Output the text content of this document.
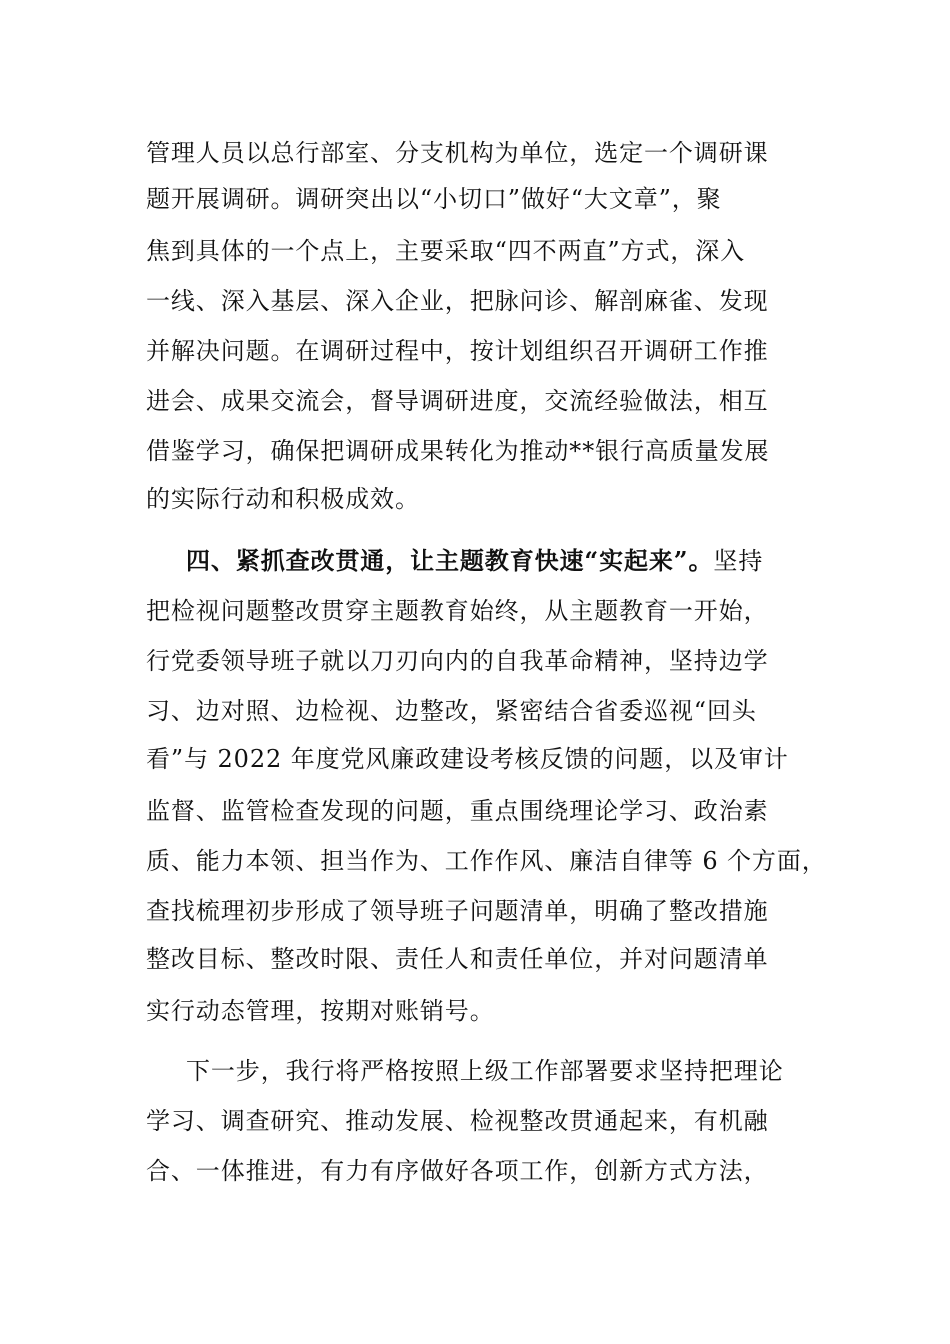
管理人员以总行部室、分支机构为单位，选定一个调研课
题开展调研。调研突出以“小切口”做好“大文章”，聚
焦到具体的一个点上，主要采取“四不两直”方式，深入
一线、深入基层、深入企业，把脉问诊、解剖麻雀、发现
并解决问题。在调研过程中，按计划组织召开调研工作推
进会、成果交流会，督导调研进度，交流经验做法，相互
借鉴学习，确保把调研成果转化为推动**银行高质量发展
的实际行动和积极成效。
四、紧抓查改贯通，让主题教育快速“实起来”。坚持
把检视问题整改贯穿主题教育始终，从主题教育一开始，
行党委领导班子就以刀刃向内的自我革命精神，坚持边学
习、边对照、边检视、边整改，紧密结合省委巡视“回头
看”与 2022 年度党风廉政建设考核反馈的问题，以及审计
监督、监管检查发现的问题，重点围绕理论学习、政治素
质、能力本领、担当作为、工作作风、廉洁自律等 6 个方面，
查找梳理初步形成了领导班子问题清单，明确了整改措施
整改目标、整改时限、责任人和责任单位，并对问题清单
实行动态管理，按期对账销号。
下一步，我行将严格按照上级工作部署要求坚持把理论
学习、调查研究、推动发展、检视整改贯通起来，有机融
合、一体推进，有力有序做好各项工作，创新方式方法，
